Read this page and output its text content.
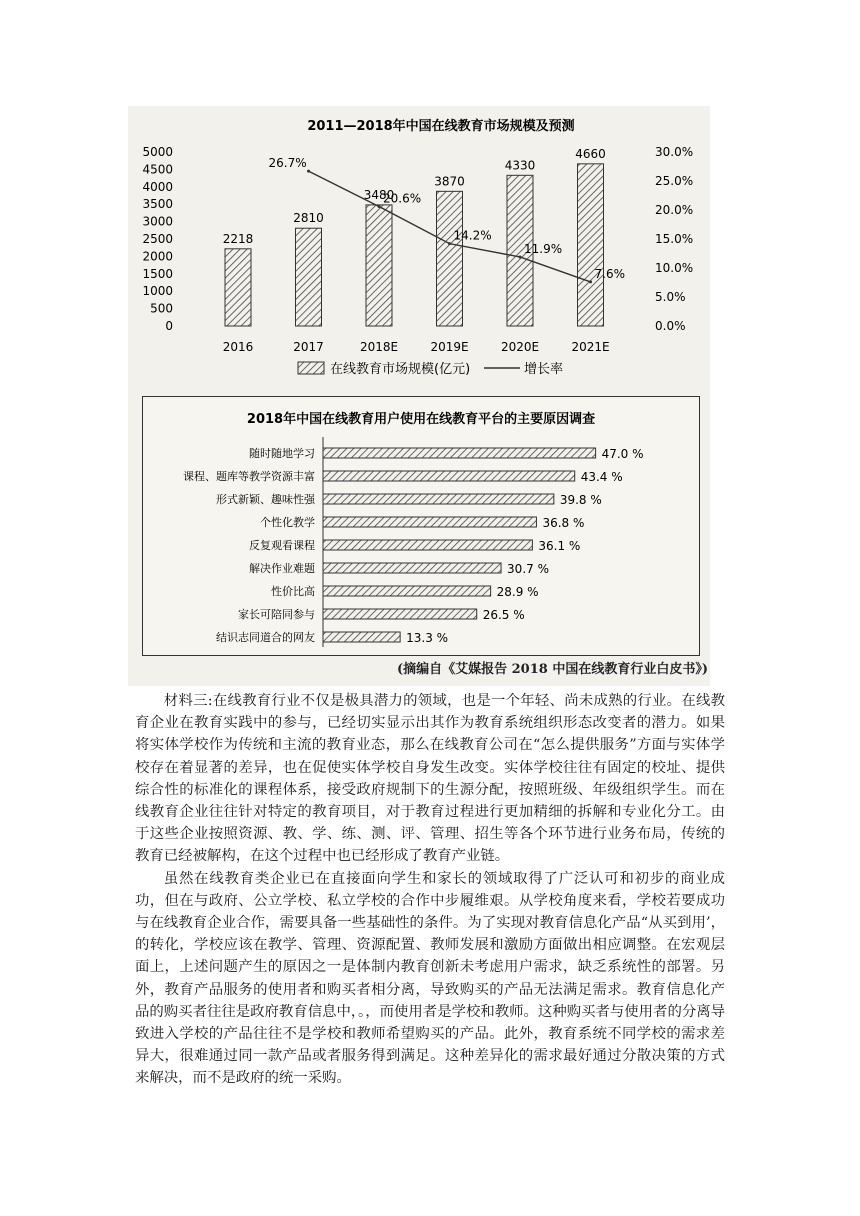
2011—2018年中国在线教育市场规模及预测
0
500
1000
1500
2000
2500
3000
3500
4000
4500
5000
0.0%
5.0%
10.0%
15.0%
20.0%
25.0%
30.0%
2218
2810
3480
3870
4330
4660
26.7%
20.6%
14.2%
11.9%
7.6%
2016	2017	2018E	2019E	2020E	2021E
在线教育市场规模(亿元)	增长率
2018年中国在线教育用户使用在线教育平台的主要原因调查
随时随地学习	47.0 %
课程、题库等教学资源丰富	43.4 %
形式新颖、趣味性强	39.8 %
个性化教学	36.8 %
反复观看课程	36.1 %
解决作业难题	30.7 %
性价比高	28.9 %
家长可陪同参与	26.5 %
结识志同道合的网友	13.3 %
(摘编自《艾媒报告 2018 中国在线教育行业白皮书》)

材料三:在线教育行业不仅是极具潜力的领域，也是一个年轻、尚未成熟的行业。在线教育企业在教育实践中的参与，已经切实显示出其作为教育系统组织形态改变者的潜力。如果将实体学校作为传统和主流的教育业态，那么在线教育公司在“怎么提供服务”方面与实体学校存在着显著的差异，也在促使实体学校自身发生改变。实体学校往往有固定的校址、提供综合性的标准化的课程体系，接受政府规制下的生源分配，按照班级、年级组织学生。而在线教育企业往往针对特定的教育项目，对于教育过程进行更加精细的拆解和专业化分工。由于这些企业按照资源、教、学、练、测、评、管理、招生等各个环节进行业务布局，传统的教育已经被解构，在这个过程中也已经形成了教育产业链。

虽然在线教育类企业已在直接面向学生和家长的领域取得了广泛认可和初步的商业成功，但在与政府、公立学校、私立学校的合作中步履维艰。从学校角度来看，学校若要成功与在线教育企业合作，需要具备一些基础性的条件。为了实现对教育信息化产品“从买到用’，的转化，学校应该在教学、管理、资源配置、教师发展和激励方面做出相应调整。在宏观层面上，上述问题产生的原因之一是体制内教育创新未考虑用户需求，缺乏系统性的部署。另外，教育产品服务的使用者和购买者相分离，导致购买的产品无法满足需求。教育信息化产品的购买者往往是政府教育信息中，。，而使用者是学校和教师。这种购买者与使用者的分离导致进入学校的产品往往不是学校和教师希望购买的产品。此外，教育系统不同学校的需求差异大，很难通过同一款产品或者服务得到满足。这种差异化的需求最好通过分散决策的方式来解决，而不是政府的统一采购。
